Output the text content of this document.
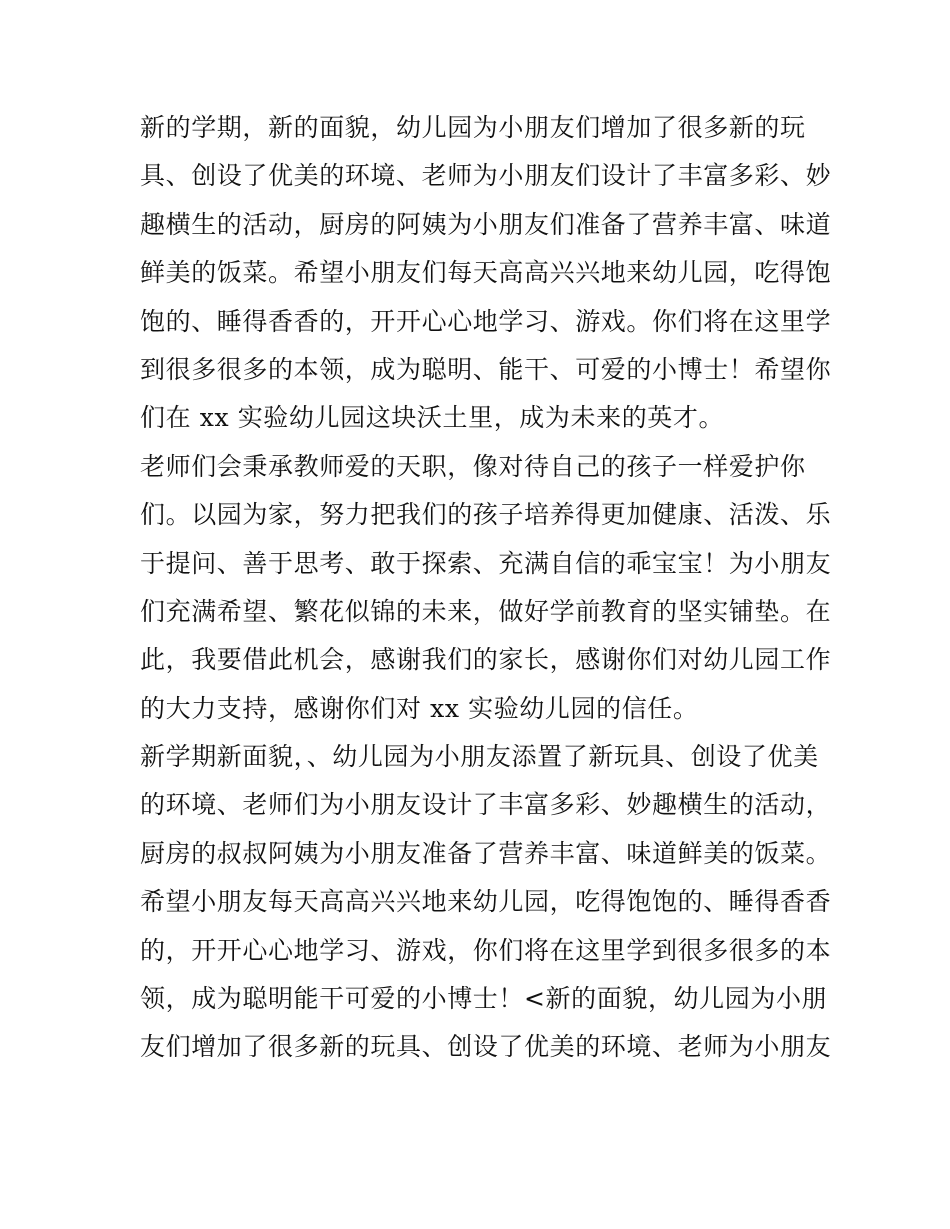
新的学期，新的面貌，幼儿园为小朋友们增加了很多新的玩
具、创设了优美的环境、老师为小朋友们设计了丰富多彩、妙
趣横生的活动，厨房的阿姨为小朋友们准备了营养丰富、味道
鲜美的饭菜。希望小朋友们每天高高兴兴地来幼儿园，吃得饱
饱的、睡得香香的，开开心心地学习、游戏。你们将在这里学
到很多很多的本领，成为聪明、能干、可爱的小博士！希望你
们在 xx 实验幼儿园这块沃土里，成为未来的英才。
老师们会秉承教师爱的天职，像对待自己的孩子一样爱护你
们。以园为家，努力把我们的孩子培养得更加健康、活泼、乐
于提问、善于思考、敢于探索、充满自信的乖宝宝！为小朋友
们充满希望、繁花似锦的未来，做好学前教育的坚实铺垫。在
此，我要借此机会，感谢我们的家长，感谢你们对幼儿园工作
的大力支持，感谢你们对 xx 实验幼儿园的信任。
新学期新面貌，、幼儿园为小朋友添置了新玩具、创设了优美
的环境、老师们为小朋友设计了丰富多彩、妙趣横生的活动，
厨房的叔叔阿姨为小朋友准备了营养丰富、味道鲜美的饭菜。
希望小朋友每天高高兴兴地来幼儿园，吃得饱饱的、睡得香香
的，开开心心地学习、游戏，你们将在这里学到很多很多的本
领，成为聪明能干可爱的小博士！<新的面貌，幼儿园为小朋
友们增加了很多新的玩具、创设了优美的环境、老师为小朋友
